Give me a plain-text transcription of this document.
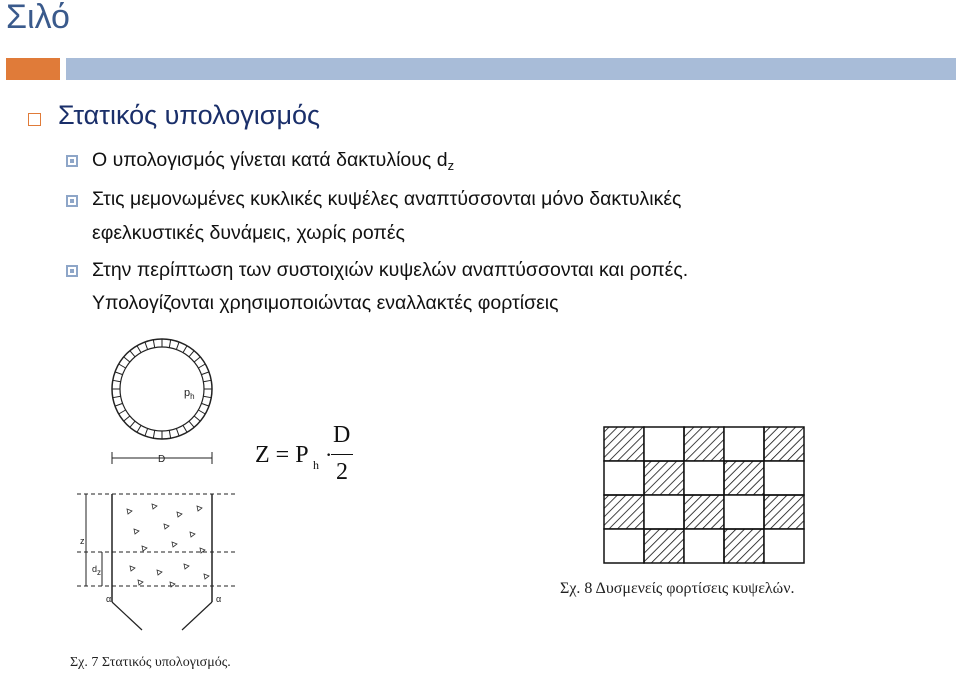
Σιλό
Στατικός υπολογισμός
Ο υπολογισμός γίνεται κατά δακτυλίους $d_z$
Στις μεμονωμένες κυκλικές κυψέλες αναπτύσσονται μόνο δακτυλικές
εφελκυστικές δυνάμεις, χωρίς ροπές
Στην περίπτωση των συστοιχιών κυψελών αναπτύσσονται και ροπές.
Υπολογίζονται χρησιμοποιώντας εναλλακτές φορτίσεις
$p_h$
D
z
dz
α	α
Σχ. 7 Στατικός υπολογισμός.
Z = P h ·
D
2
Σχ. 8 Δυσμενείς φορτίσεις κυψελών.
